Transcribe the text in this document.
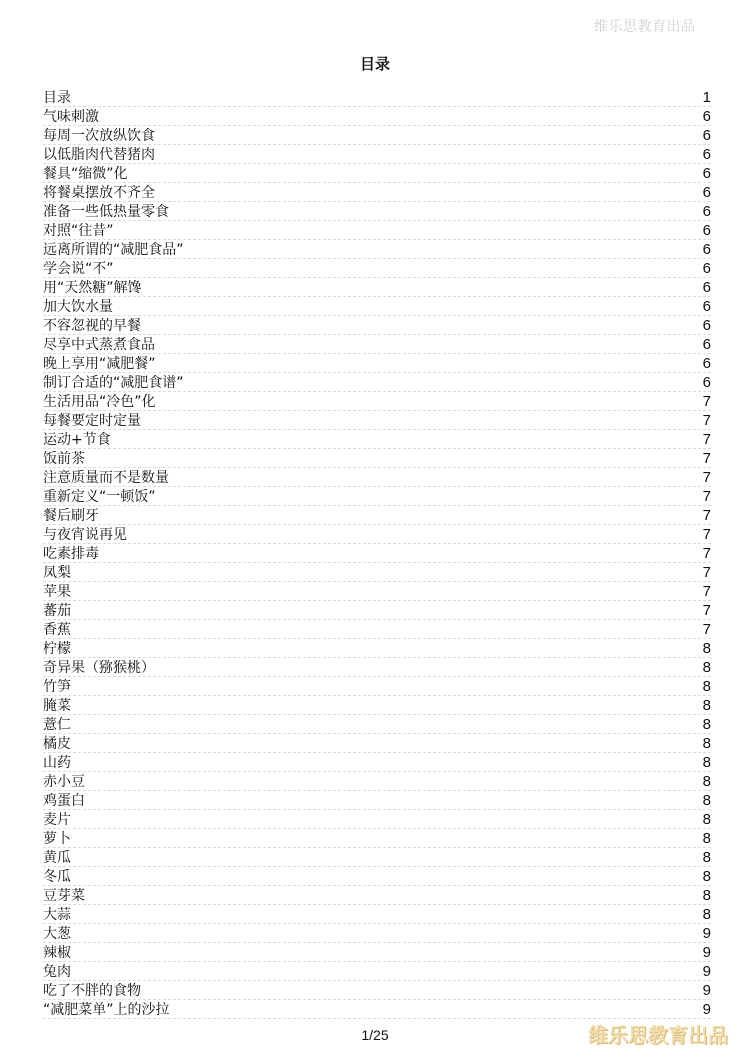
维乐思教育出品
目录
目录	1
气味刺激	6
每周一次放纵饮食	6
以低脂肉代替猪肉	6
餐具“缩微”化	6
将餐桌摆放不齐全	6
准备一些低热量零食	6
对照“往昔”	6
远离所谓的“减肥食品”	6
学会说“不”	6
用“天然糖”解馋	6
加大饮水量	6
不容忽视的早餐	6
尽享中式蒸煮食品	6
晚上享用“减肥餐”	6
制订合适的“减肥食谱”	6
生活用品“冷色”化	7
每餐要定时定量	7
运动+节食	7
饭前茶	7
注意质量而不是数量	7
重新定义“一顿饭”	7
餐后刷牙	7
与夜宵说再见	7
吃素排毒	7
凤梨	7
苹果	7
蕃茄	7
香蕉	7
柠檬	8
奇异果（猕猴桃）	8
竹笋	8
腌菜	8
薏仁	8
橘皮	8
山药	8
赤小豆	8
鸡蛋白	8
麦片	8
萝卜	8
黄瓜	8
冬瓜	8
豆芽菜	8
大蒜	8
大葱	9
辣椒	9
兔肉	9
吃了不胖的食物	9
“减肥菜单”上的沙拉	9
1/25	维乐思教育出品
